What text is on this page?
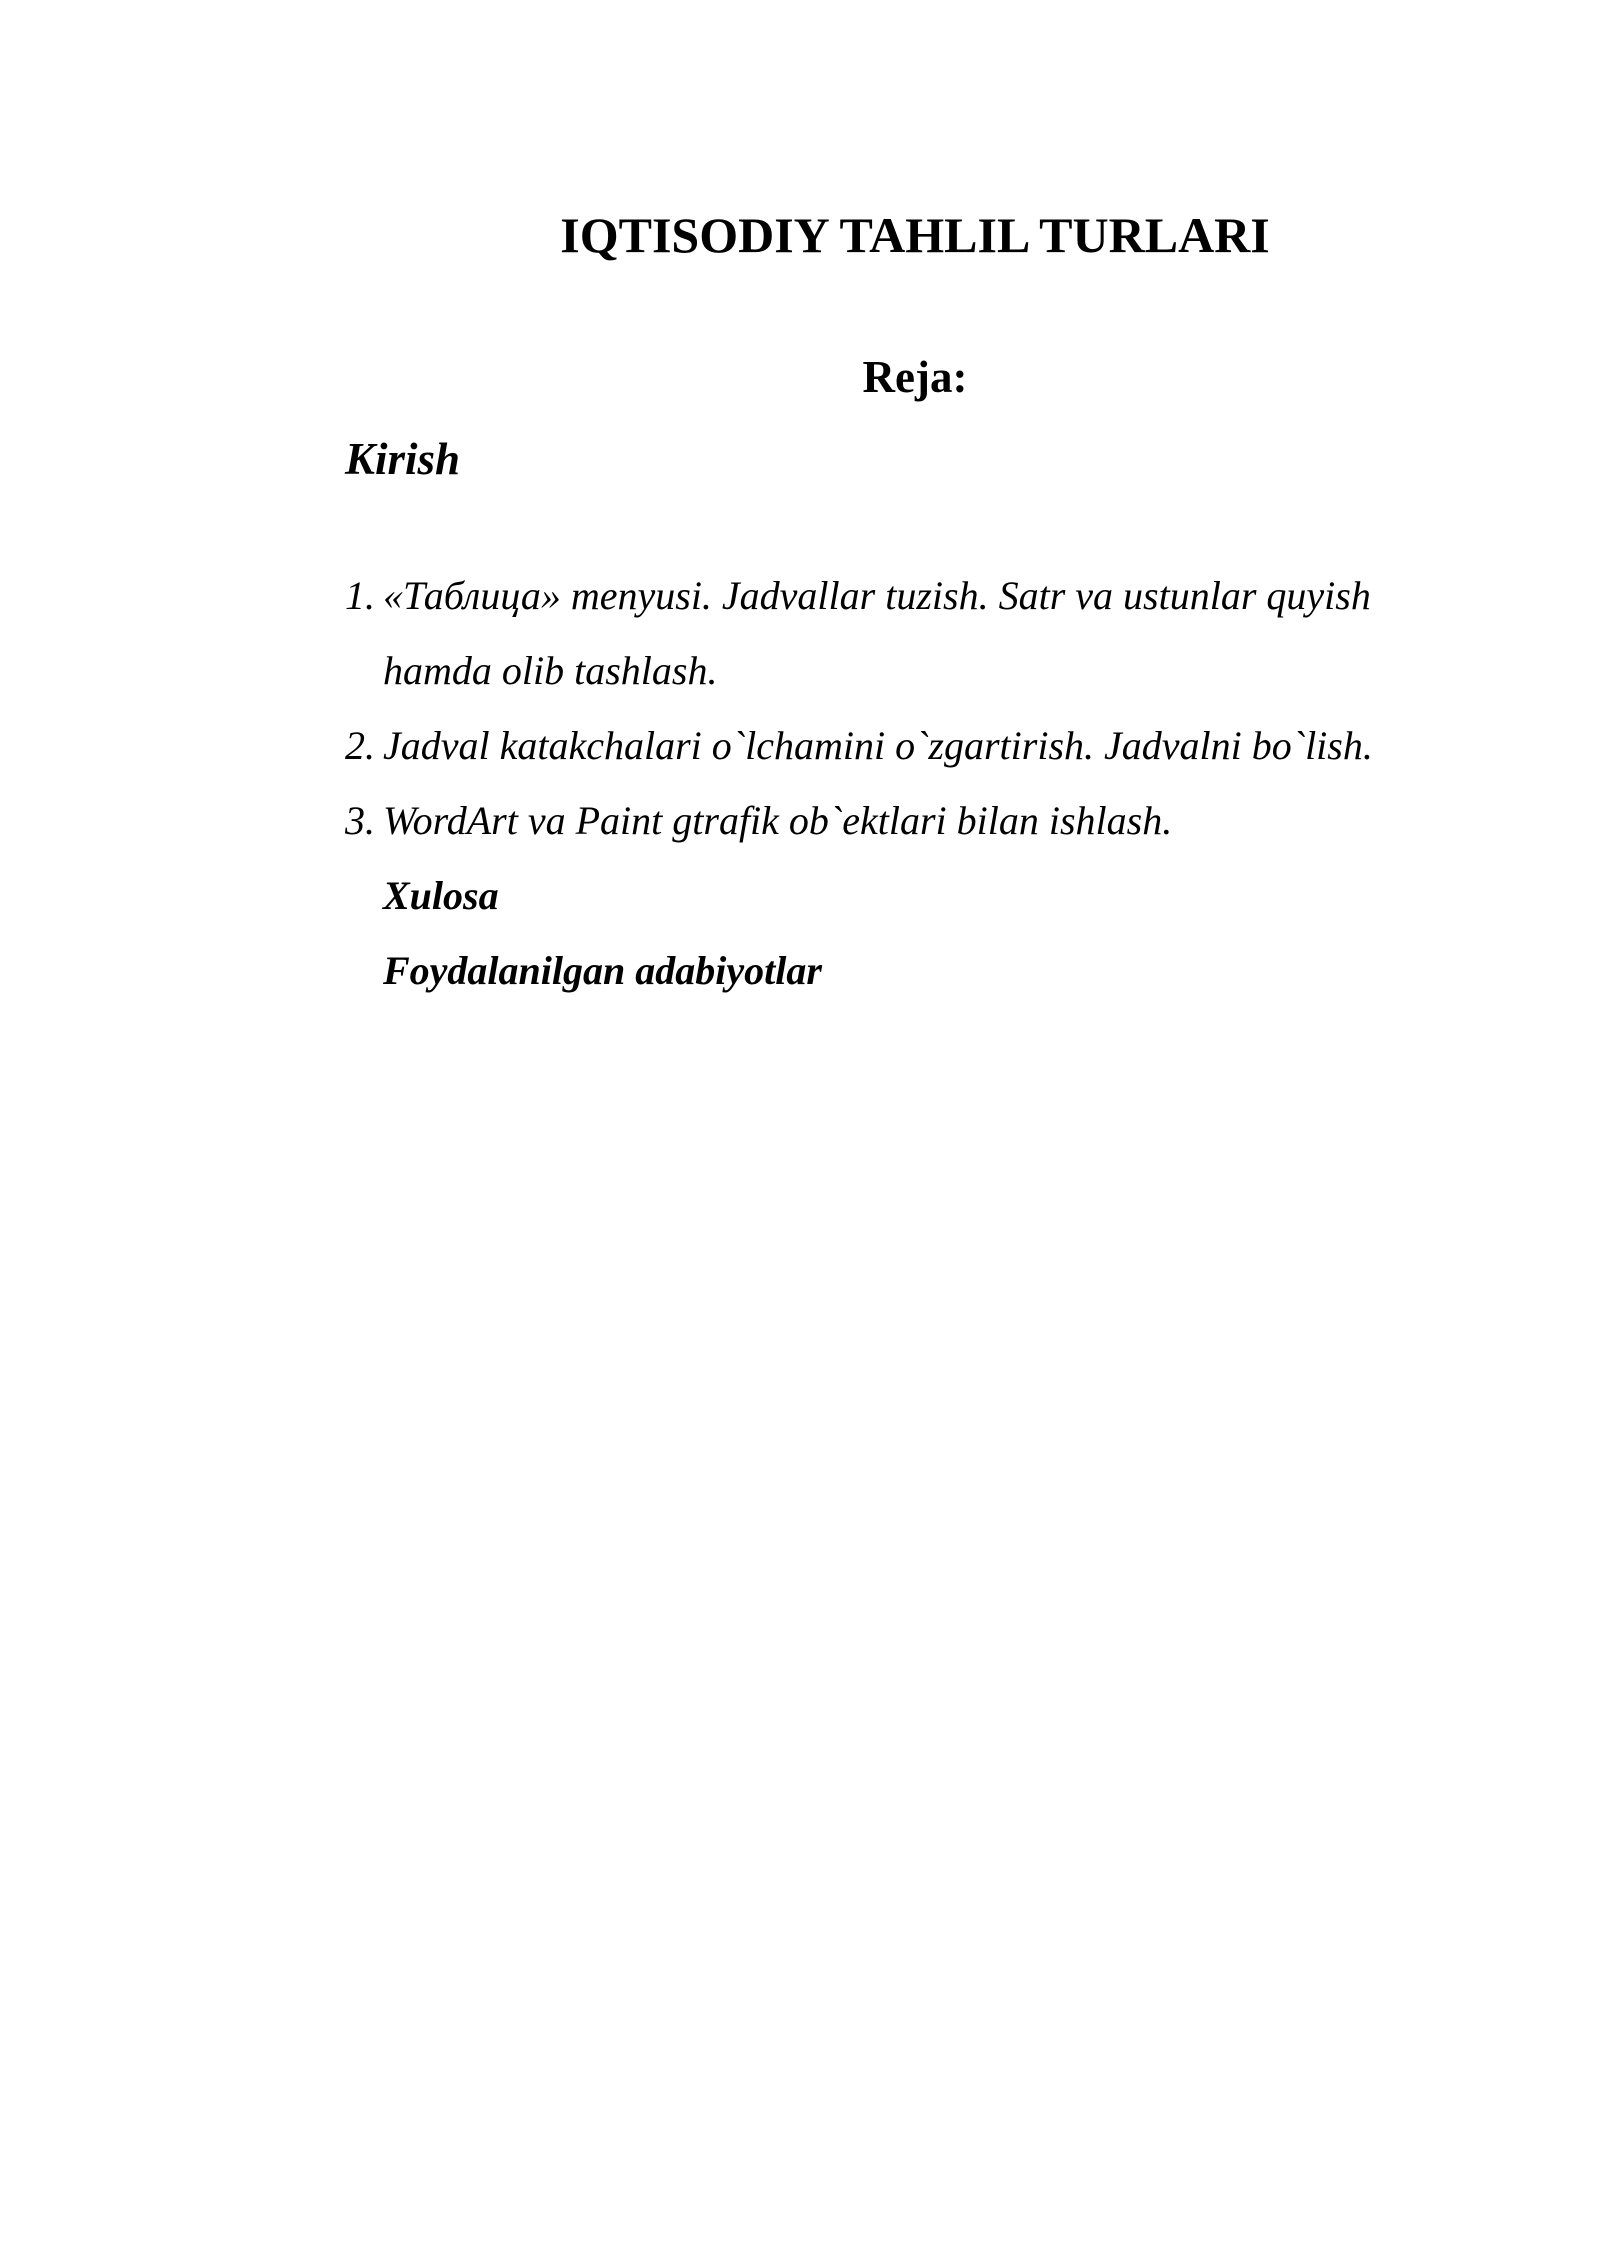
IQTISODIY TAHLIL TURLARI
Reja:
Kirish
1. «Таблица» menyusi. Jadvallar tuzish. Satr va ustunlar quyish
hamda olib tashlash.
2. Jadval katakchalari o`lchamini o`zgartirish. Jadvalni bo`lish.
3. WordArt va Paint gtrafik ob`ektlari bilan ishlash.
Xulosa
Foydalanilgan adabiyotlar
